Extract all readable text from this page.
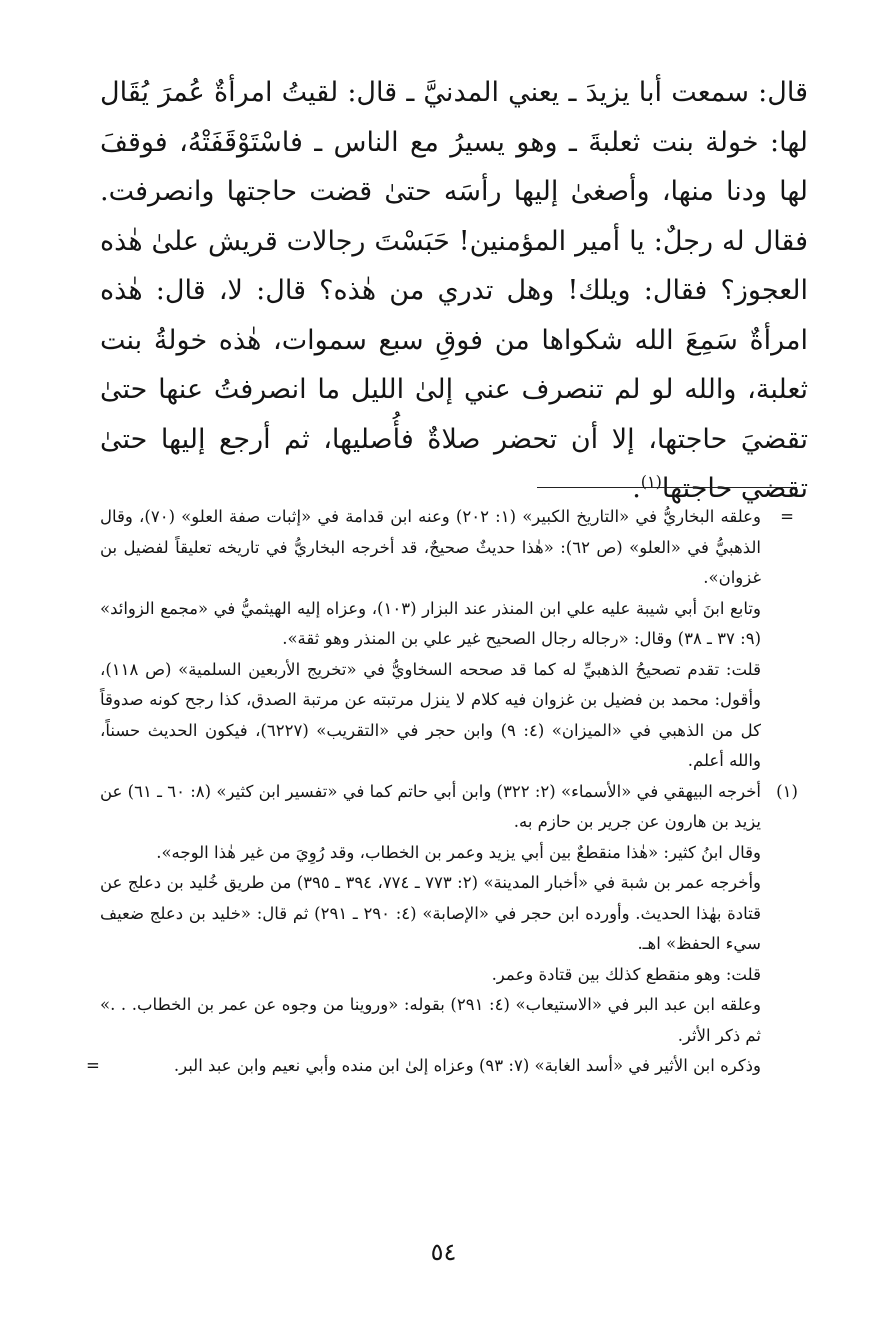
قال: سمعت أبا يزيدَ ـ يعني المدنيَّ ـ قال: لقيتُ امرأةٌ عُمرَ يُقَال لها: خولة بنت ثعلبةَ ـ وهو يسيرُ مع الناس ـ فاسْتَوْقَفَتْهُ، فوقفَ لها ودنا منها، وأصغىٰ إليها رأسَه حتىٰ قضت حاجتها وانصرفت. فقال له رجلٌ: يا أمير المؤمنين! حَبَسْتَ رجالات قريش علىٰ هٰذه العجوز؟ فقال: ويلك! وهل تدري من هٰذه؟ قال: لا، قال: هٰذه امرأةٌ سَمِعَ الله شكواها من فوقِ سبع سموات، هٰذه خولةُ بنت ثعلبة، والله لو لم تنصرف عني إلىٰ الليل ما انصرفتُ عنها حتىٰ تقضيَ حاجتها، إلا أن تحضر صلاةٌ فأُصليها، ثم أرجع إليها حتىٰ تقضي حاجتها$^{(١)}$.

=

وعلقه البخاريُّ في «التاريخ الكبير» (١: ٢٠٢) وعنه ابن قدامة في «إثبات صفة العلو» (٧٠)، وقال الذهبيُّ في «العلو» (ص ٦٢): «هٰذا حديثٌ صحيحٌ، قد أخرجه البخاريُّ في تاريخه تعليقاً لفضيل بن غزوان».

وتابع ابنَ أبي شيبة عليه علي ابن المنذر عند البزار (١٠٣)، وعزاه إليه الهيثميُّ في «مجمع الزوائد» (٩: ٣٧ ـ ٣٨) وقال: «رجاله رجال الصحيح غير علي بن المنذر وهو ثقة».

قلت: تقدم تصحيحُ الذهبيِّ له كما قد صححه السخاويُّ في «تخريج الأربعين السلمية» (ص ١١٨)، وأقول: محمد بن فضيل بن غزوان فيه كلام لا ينزل مرتبته عن مرتبة الصدق، كذا رجح كونه صدوقاً كل من الذهبي في «الميزان» (٤: ٩) وابن حجر في «التقريب» (٦٢٢٧)، فيكون الحديث حسناً، والله أعلم.

(١)

أخرجه البيهقي في «الأسماء» (٢: ٣٢٢) وابن أبي حاتم كما في «تفسير ابن كثير» (٨: ٦٠ ـ ٦١) عن يزيد بن هارون عن جرير بن حازم به.

وقال ابنُ كثير: «هٰذا منقطعٌ بين أبي يزيد وعمر بن الخطاب، وقد رُوِيَ من غير هٰذا الوجه».

وأخرجه عمر بن شبة في «أخبار المدينة» (٢: ٧٧٣ ـ ٧٧٤، ٣٩٤ ـ ٣٩٥) من طريق خُليد بن دعلج عن قتادة بهٰذا الحديث. وأورده ابن حجر في «الإصابة» (٤: ٢٩٠ ـ ٢٩١) ثم قال: «خليد بن دعلج ضعيف سيء الحفظ» اهـ.

قلت: وهو منقطع كذلك بين قتادة وعمر.

وعلقه ابن عبد البر في «الاستيعاب» (٤: ٢٩١) بقوله: «وروينا من وجوه عن عمر بن الخطاب. . .» ثم ذكر الأثر.

وذكره ابن الأثير في «أسد الغابة» (٧: ٩٣) وعزاه إلىٰ ابن منده وأبي نعيم وابن عبد البر.

=
٥٤
